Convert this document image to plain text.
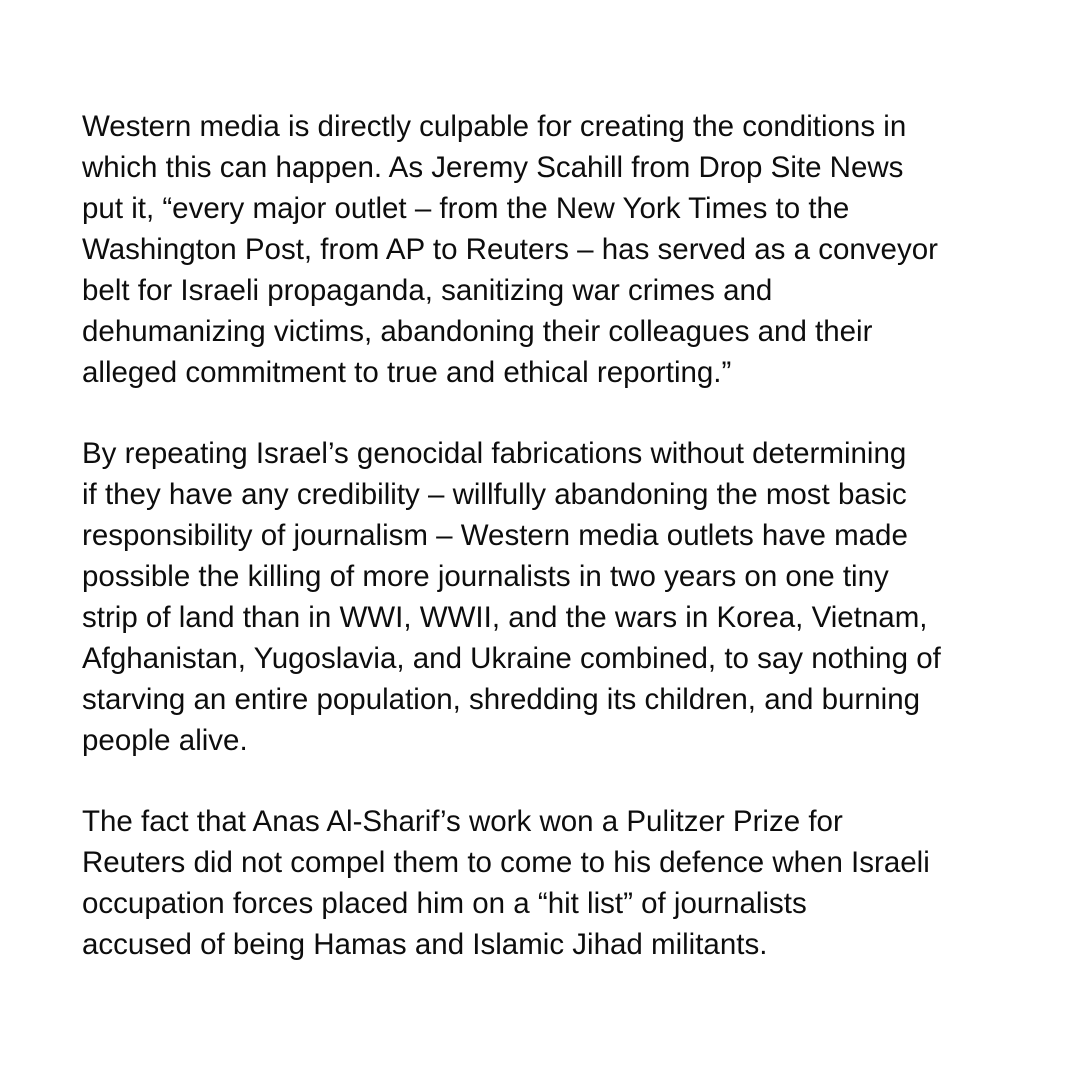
Western media is directly culpable for creating the conditions in
which this can happen. As Jeremy Scahill from Drop Site News
put it, “every major outlet – from the New York Times to the
Washington Post, from AP to Reuters – has served as a conveyor
belt for Israeli propaganda, sanitizing war crimes and
dehumanizing victims, abandoning their colleagues and their
alleged commitment to true and ethical reporting.”
By repeating Israel’s genocidal fabrications without determining
if they have any credibility – willfully abandoning the most basic
responsibility of journalism – Western media outlets have made
possible the killing of more journalists in two years on one tiny
strip of land than in WWI, WWII, and the wars in Korea, Vietnam,
Afghanistan, Yugoslavia, and Ukraine combined, to say nothing of
starving an entire population, shredding its children, and burning
people alive.
The fact that Anas Al-Sharif’s work won a Pulitzer Prize for
Reuters did not compel them to come to his defence when Israeli
occupation forces placed him on a “hit list” of journalists
accused of being Hamas and Islamic Jihad militants.
